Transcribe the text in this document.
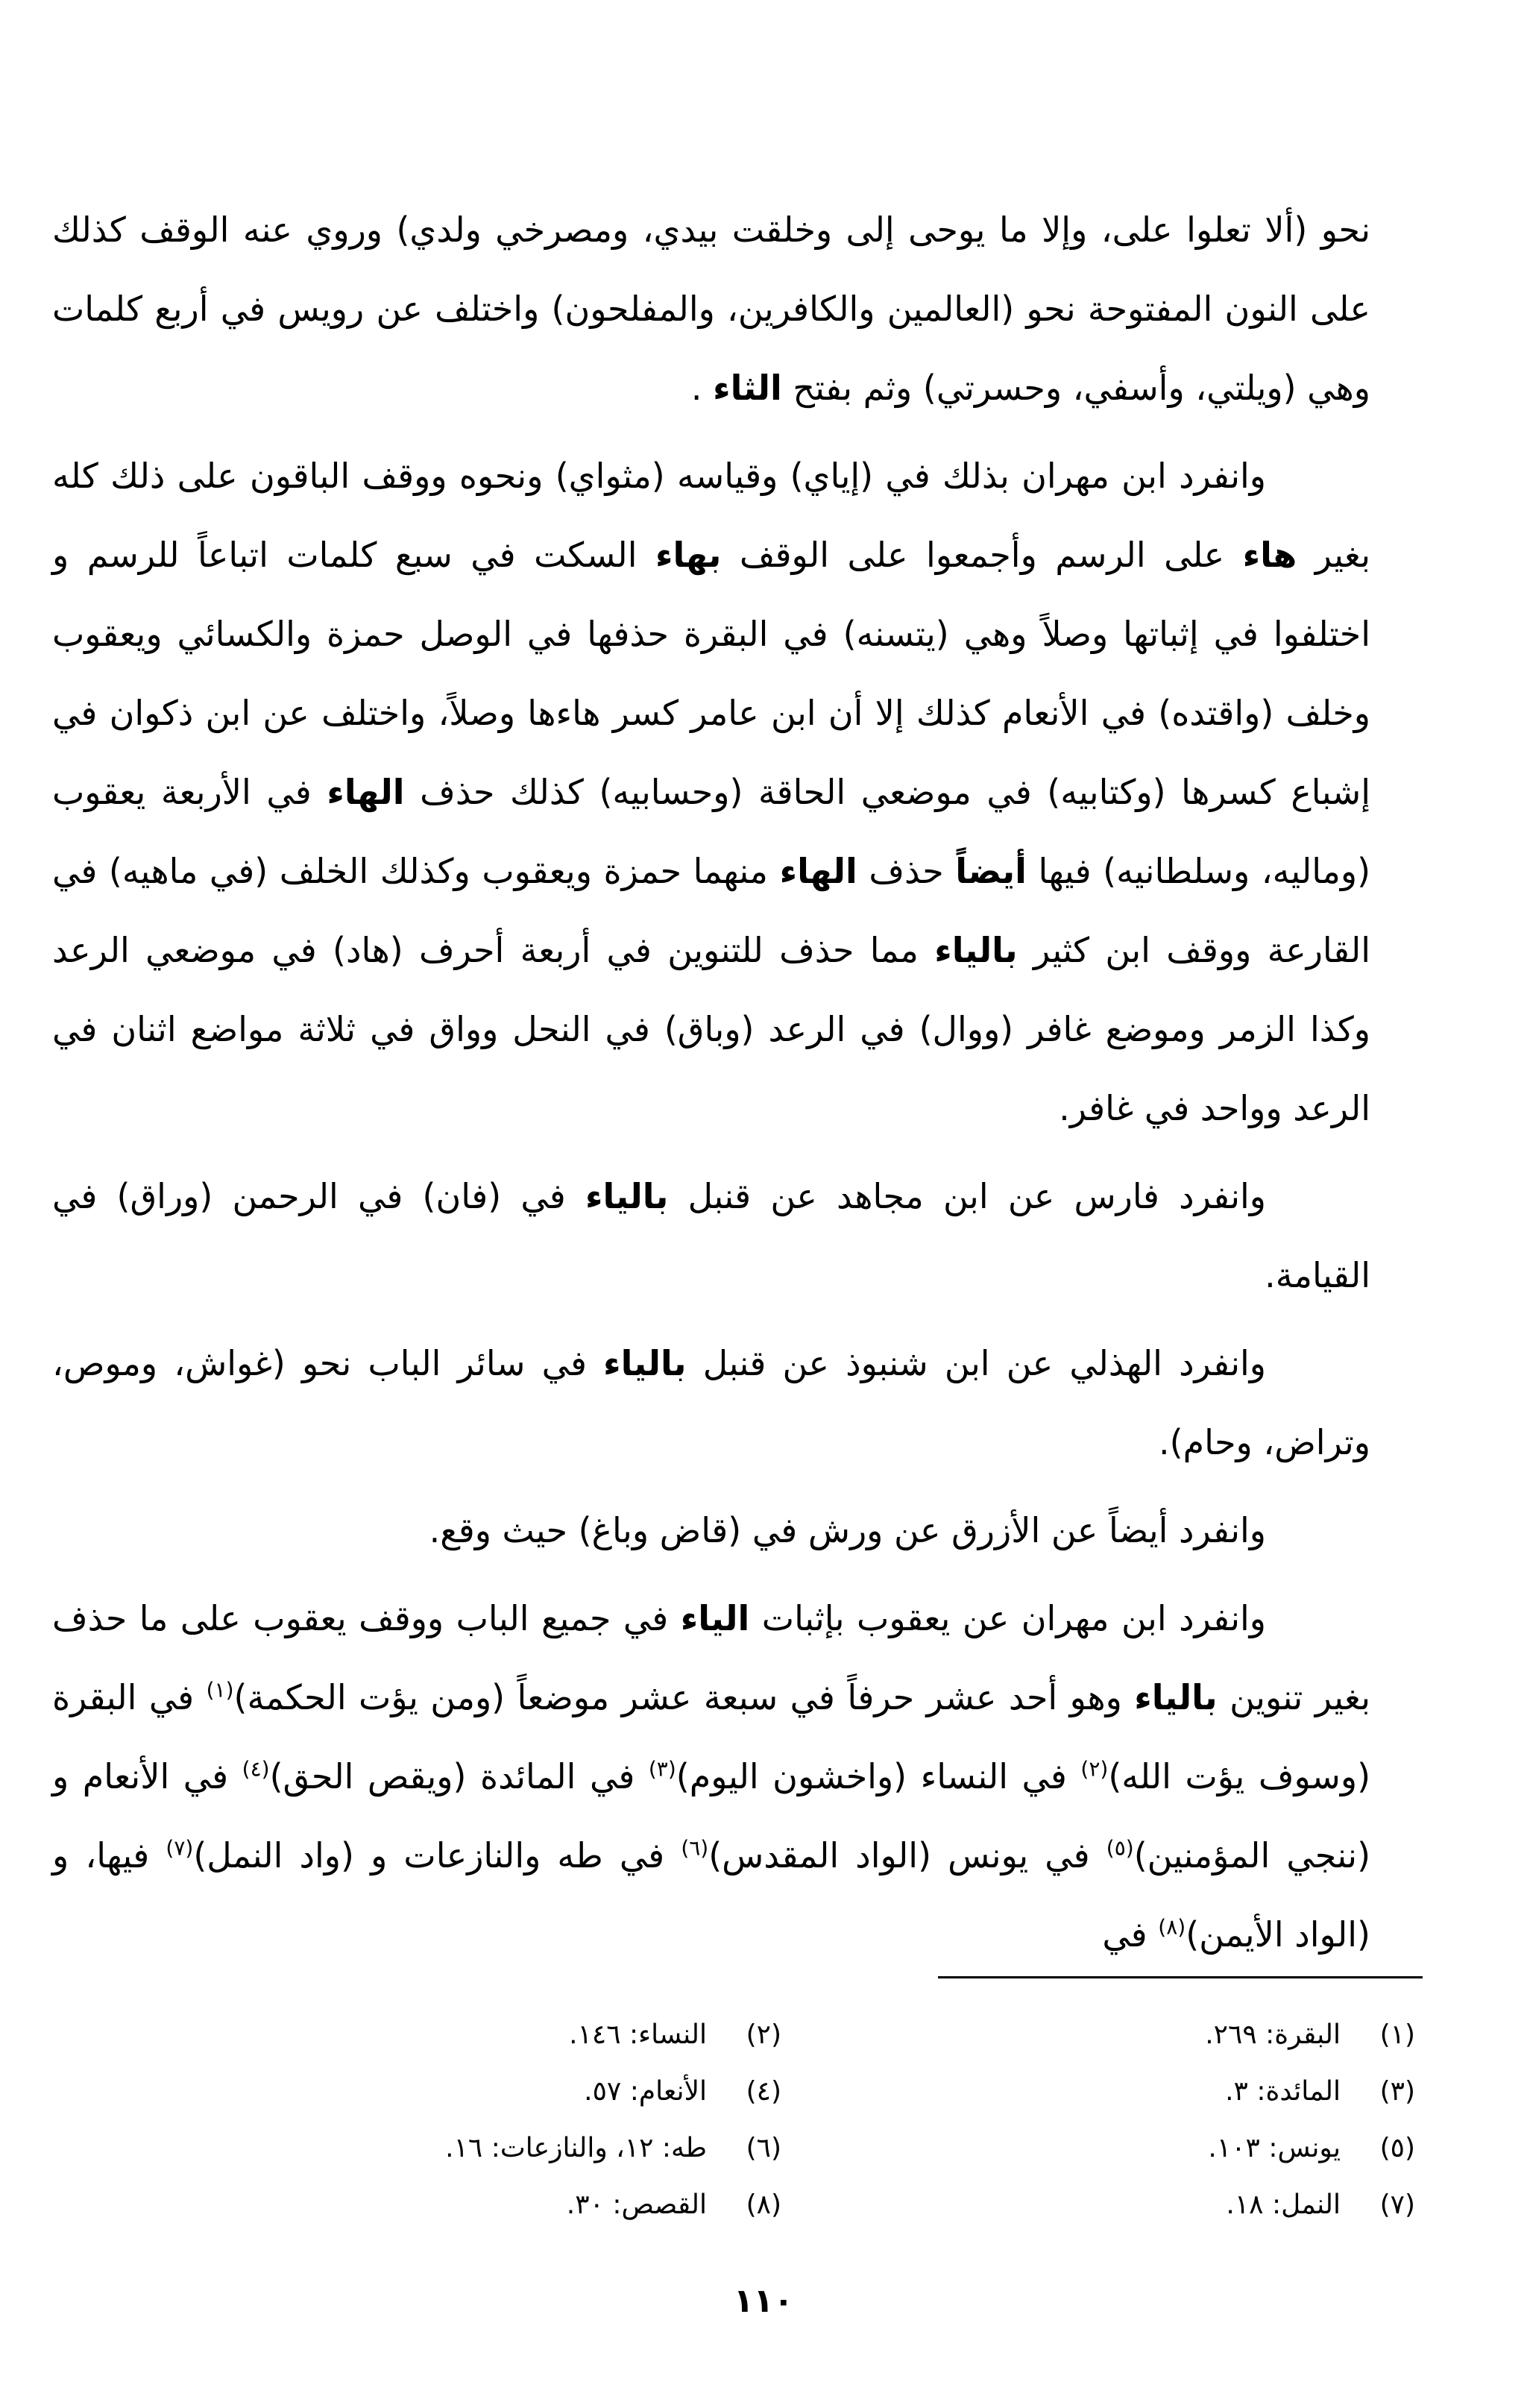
نحو (ألا تعلوا على، وإلا ما يوحى إلى وخلقت بيدي، ومصرخي ولدي) وروي عنه الوقف كذلك على النون المفتوحة نحو (العالمين والكافرين، والمفلحون) واختلف عن رويس في أربع كلمات وهي (ويلتي، وأسفي، وحسرتي) وثم بفتح الثاء .

وانفرد ابن مهران بذلك في (إياي) وقياسه (مثواي) ونحوه ووقف الباقون على ذلك كله بغير هاء على الرسم وأجمعوا على الوقف بهاء السكت في سبع كلمات اتباعاً للرسم و اختلفوا في إثباتها وصلاً وهي (يتسنه) في البقرة حذفها في الوصل حمزة والكسائي ويعقوب وخلف (واقتده) في الأنعام كذلك إلا أن ابن عامر كسر هاءها وصلاً، واختلف عن ابن ذكوان في إشباع كسرها (وكتابيه) في موضعي الحاقة (وحسابيه) كذلك حذف الهاء في الأربعة يعقوب (وماليه، وسلطانيه) فيها أيضاً حذف الهاء منهما حمزة ويعقوب وكذلك الخلف (في ماهيه) في القارعة ووقف ابن كثير بالياء مما حذف للتنوين في أربعة أحرف (هاد) في موضعي الرعد وكذا الزمر وموضع غافر (ووال) في الرعد (وباق) في النحل وواق في ثلاثة مواضع اثنان في الرعد وواحد في غافر.

وانفرد فارس عن ابن مجاهد عن قنبل بالياء في (فان) في الرحمن (وراق) في القيامة.

وانفرد الهذلي عن ابن شنبوذ عن قنبل بالياء في سائر الباب نحو (غواش، وموص، وتراض، وحام).

وانفرد أيضاً عن الأزرق عن ورش في (قاض وباغ) حيث وقع.

وانفرد ابن مهران عن يعقوب بإثبات الياء في جميع الباب ووقف يعقوب على ما حذف بغير تنوين بالياء وهو أحد عشر حرفاً في سبعة عشر موضعاً (ومن يؤت الحكمة)$^{(١)}$ في البقرة (وسوف يؤت الله)$^{(٢)}$ في النساء (واخشون اليوم)$^{(٣)}$ في المائدة (ويقص الحق)$^{(٤)}$ في الأنعام و (ننجي المؤمنين)$^{(٥)}$ في يونس (الواد المقدس)$^{(٦)}$ في طه والنازعات و (واد النمل)$^{(٧)}$ فيها، و (الواد الأيمن)$^{(٨)}$ في

(١)
البقرة: ٢٦٩.
(٢)
النساء: ١٤٦.
(٣)
المائدة: ٣.
(٤)
الأنعام: ٥٧.
(٥)
يونس: ١٠٣.
(٦)
طه: ١٢، والنازعات: ١٦.
(٧)
النمل: ١٨.
(٨)
القصص: ٣٠.
١١٠
